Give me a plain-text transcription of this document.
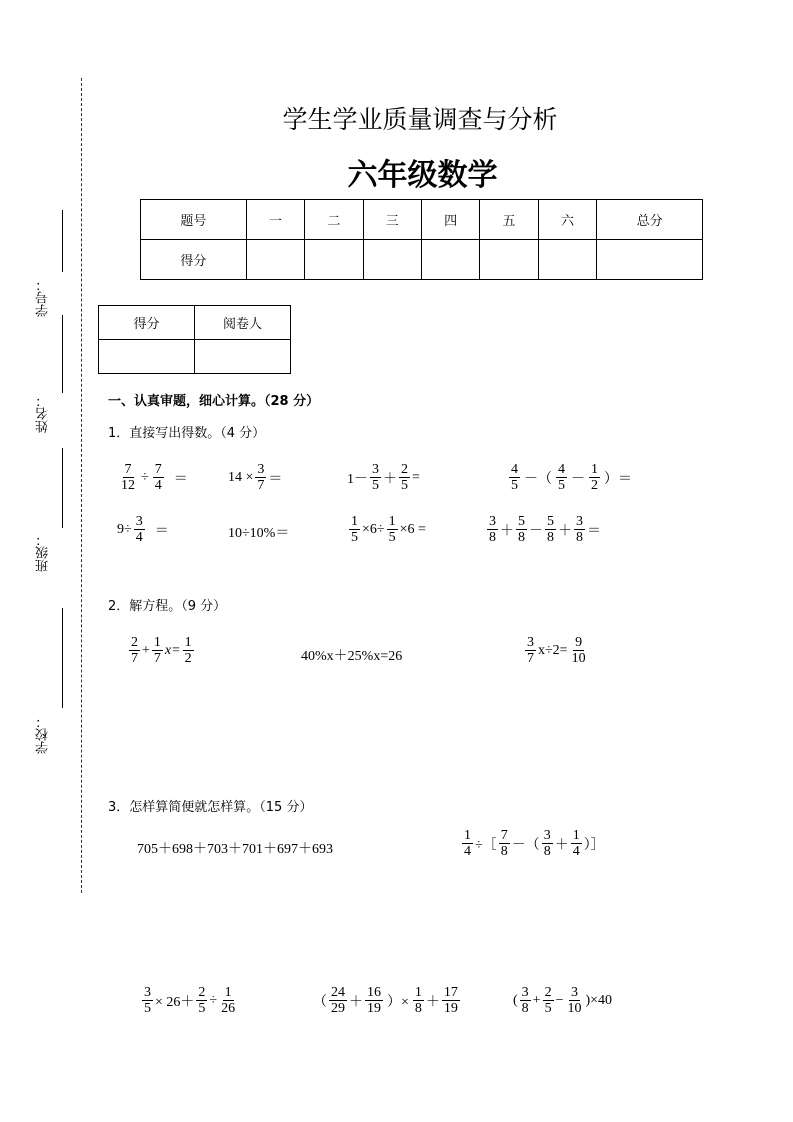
学号：
姓名：
班级：
学校：
学生学业质量调查与分析
六年级数学
题号	一	二	三	四	五	六	总分
得分							
得分	阅卷人

一、认真审题，细心计算。（28 分）
1．直接写出得数。（4 分）
$\frac{7}{12} \div \frac{7}{4}$ ＝	$14 \times \frac{3}{7}$ ＝	$1- \frac{3}{5} + \frac{2}{5}$ =	$\frac{4}{5}$ －（ $\frac{4}{5} - \frac{1}{2}$ ）＝
$9\div \frac{3}{4}$ ＝	10÷10%＝	$\frac{1}{5} \times 6\div \frac{1}{5} \times 6$ =	$\frac{3}{8} + \frac{5}{8} - \frac{5}{8} + \frac{3}{8}$ ＝
2．解方程。（9 分）
$\frac{2}{7} + \frac{1}{7} x= \frac{1}{2}$	40%x＋25%x=26	$\frac{3}{7} x\div 2= \frac{9}{10}$
3．怎样算简便就怎样算。（15 分）
705＋698＋703＋701＋697＋693	$\frac{1}{4}$ ÷［ $\frac{7}{8}$ －（ $\frac{3}{8} + \frac{1}{4}$ ）］
$\frac{3}{5} \times 26+ \frac{2}{5} \div \frac{1}{26}$	（ $\frac{24}{29} + \frac{16}{19}$ ）× $\frac{1}{8} + \frac{17}{19}$	( $\frac{3}{8} + \frac{2}{5} - \frac{3}{10} )\times 40$
